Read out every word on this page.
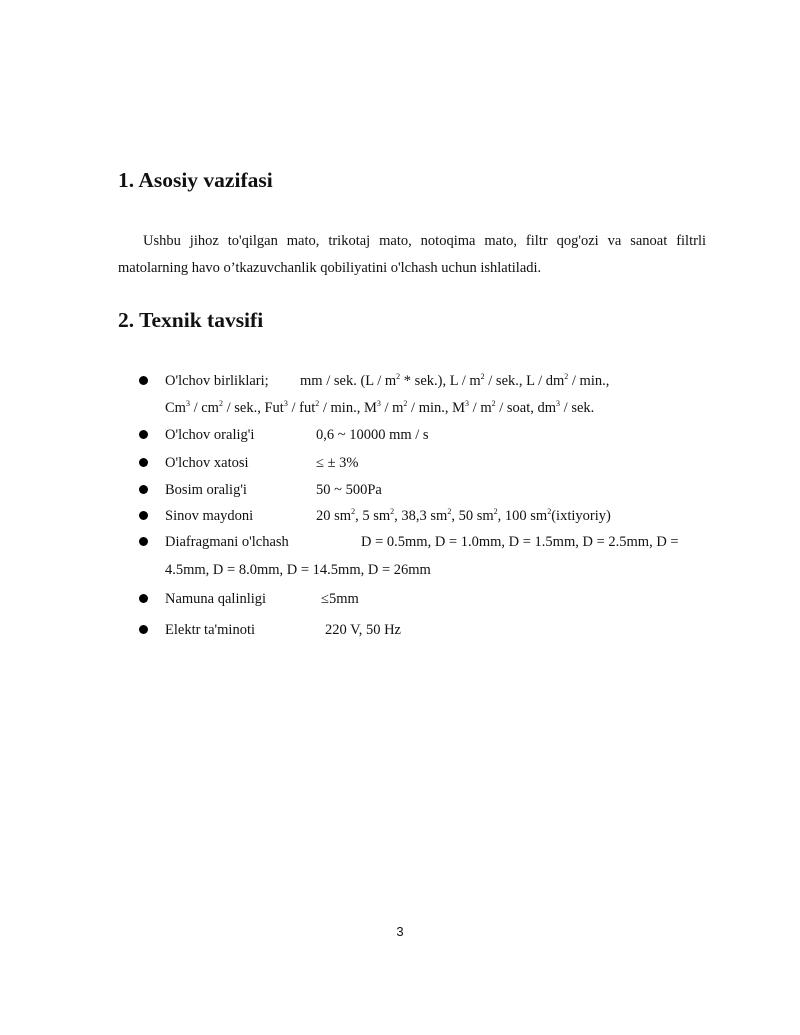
1. Asosiy vazifasi

Ushbu jihoz to'qilgan mato, trikotaj mato, notoqima mato, filtr qog'ozi va sanoat filtrli matolarning havo o’tkazuvchanlik qobiliyatini o'lchash uchun ishlatiladi.

2. Texnik tavsifi
O'lchov birliklari; mm / sek. $(L / m^2 * sek.)$, L / $m^2$ / sek., L / $dm^2$ / min.,
$Cm^3 / cm^2$ / sek., Fut$^3$ / fut$^2$ / min., $M^3 / m^2$ / min., $M^3 / m^2$ / soat, $dm^3$ / sek.
O'lchov oralig'i	0,6 ~ 10000 mm / s
O'lchov xatosi	≤ ± 3%
Bosim oralig'i	50 ~ 500Pa
Sinov maydoni	20 $sm^2$, 5 $sm^2$, 38,3 $sm^2$, 50 $sm^2$, 100 $sm^2(ixtiyoriy)$
Diafragmani o'lchash	D = 0.5mm, D = 1.0mm, D = 1.5mm, D = 2.5mm, D =
4.5mm, D = 8.0mm, D = 14.5mm, D = 26mm
Namuna qalinligi	≤5mm
Elektr ta'minoti	220 V, 50 Hz
3
